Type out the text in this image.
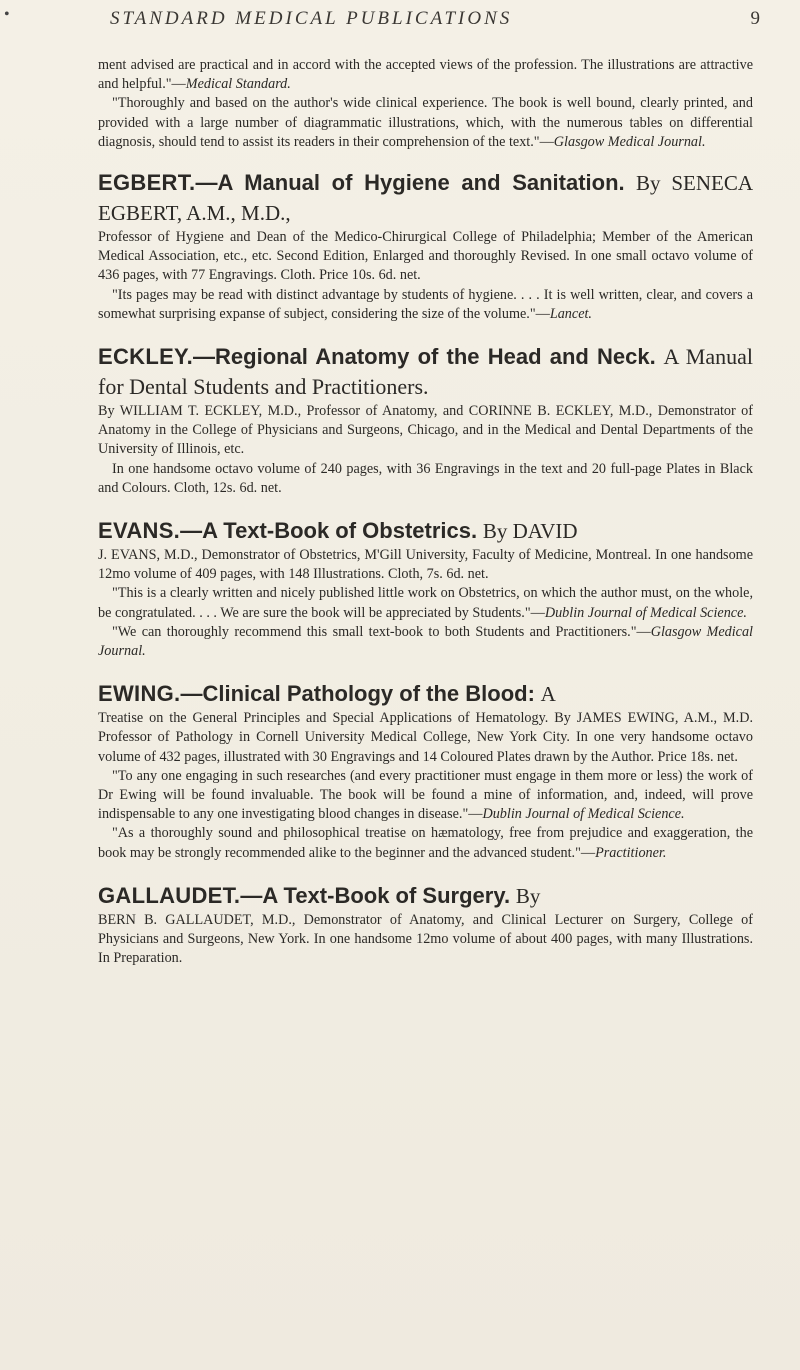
•	STANDARD MEDICAL PUBLICATIONS	9

ment advised are practical and in accord with the accepted views of the profession. The illustrations are attractive and helpful."—Medical Standard.

"Thoroughly and based on the author's wide clinical experience. The book is well bound, clearly printed, and provided with a large number of diagrammatic illustrations, which, with the numerous tables on differential diagnosis, should tend to assist its readers in their comprehension of the text."—Glasgow Medical Journal.

EGBERT.—A Manual of Hygiene and Sanitation. By SENECA EGBERT, A.M., M.D.,

Professor of Hygiene and Dean of the Medico-Chirurgical College of Philadelphia; Member of the American Medical Association, etc., etc. Second Edition, Enlarged and thoroughly Revised. In one small octavo volume of 436 pages, with 77 Engravings. Cloth. Price 10s. 6d. net.

"Its pages may be read with distinct advantage by students of hygiene. . . . It is well written, clear, and covers a somewhat surprising expanse of subject, considering the size of the volume."—Lancet.

ECKLEY.—Regional Anatomy of the Head and Neck. A Manual for Dental Students and Practitioners.

By WILLIAM T. ECKLEY, M.D., Professor of Anatomy, and CORINNE B. ECKLEY, M.D., Demonstrator of Anatomy in the College of Physicians and Surgeons, Chicago, and in the Medical and Dental Departments of the University of Illinois, etc.

In one handsome octavo volume of 240 pages, with 36 Engravings in the text and 20 full-page Plates in Black and Colours. Cloth, 12s. 6d. net.

EVANS.—A Text-Book of Obstetrics. By DAVID

J. EVANS, M.D., Demonstrator of Obstetrics, M'Gill University, Faculty of Medicine, Montreal. In one handsome 12mo volume of 409 pages, with 148 Illustrations. Cloth, 7s. 6d. net.

"This is a clearly written and nicely published little work on Obstetrics, on which the author must, on the whole, be congratulated. . . . We are sure the book will be appreciated by Students."—Dublin Journal of Medical Science.

"We can thoroughly recommend this small text-book to both Students and Practitioners."—Glasgow Medical Journal.

EWING.—Clinical Pathology of the Blood: A

Treatise on the General Principles and Special Applications of Hematology. By JAMES EWING, A.M., M.D. Professor of Pathology in Cornell University Medical College, New York City. In one very handsome octavo volume of 432 pages, illustrated with 30 Engravings and 14 Coloured Plates drawn by the Author. Price 18s. net.

"To any one engaging in such researches (and every practitioner must engage in them more or less) the work of Dr Ewing will be found invaluable. The book will be found a mine of information, and, indeed, will prove indispensable to any one investigating blood changes in disease."—Dublin Journal of Medical Science.

"As a thoroughly sound and philosophical treatise on hæmatology, free from prejudice and exaggeration, the book may be strongly recommended alike to the beginner and the advanced student."—Practitioner.

GALLAUDET.—A Text-Book of Surgery. By

BERN B. GALLAUDET, M.D., Demonstrator of Anatomy, and Clinical Lecturer on Surgery, College of Physicians and Surgeons, New York. In one handsome 12mo volume of about 400 pages, with many Illustrations. In Preparation.
